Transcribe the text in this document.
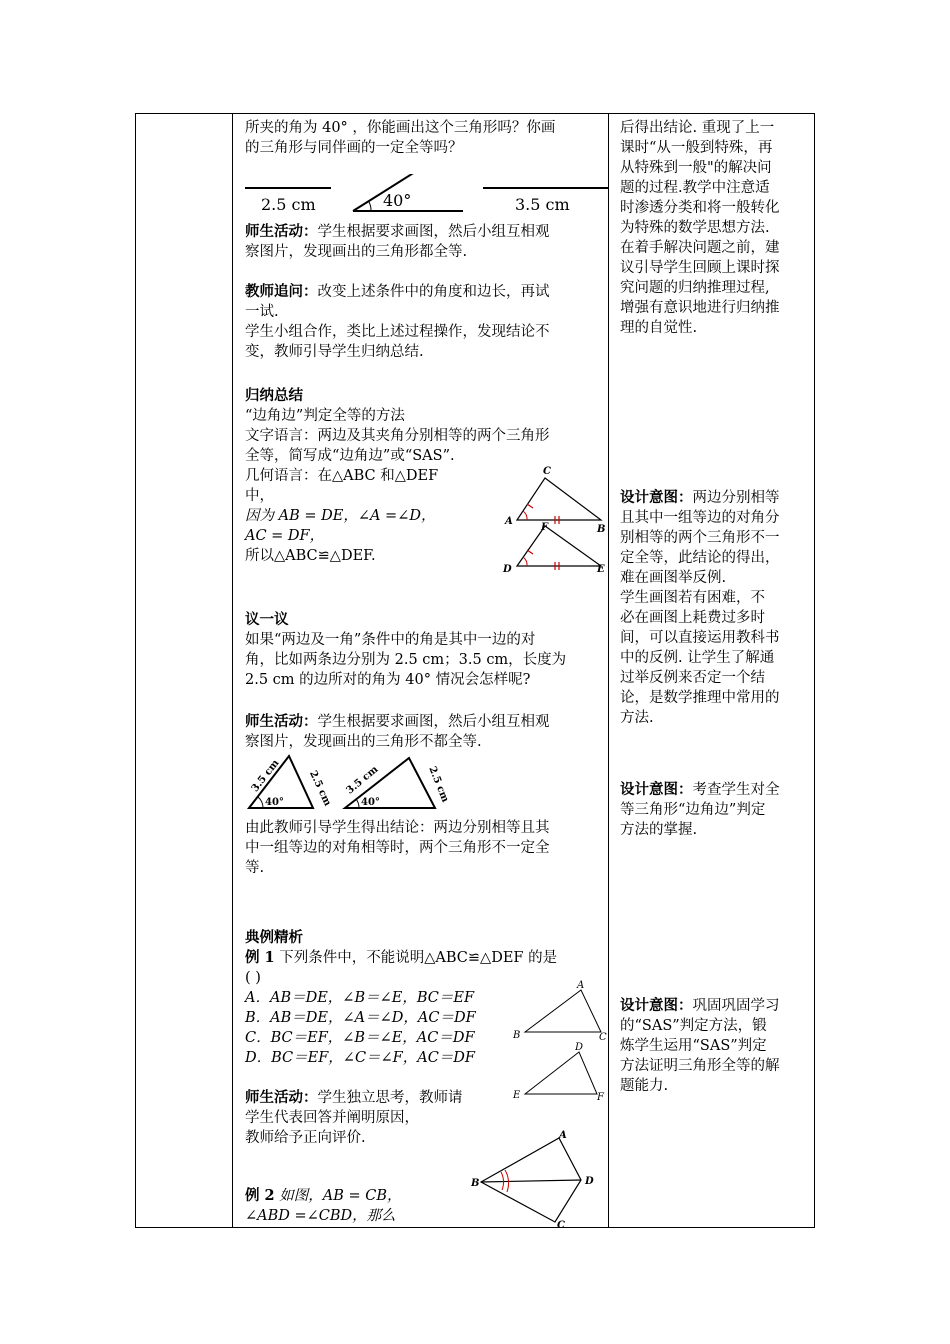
所夹的角为 40° ，你能画出这个三角形吗？你画

的三角形与同伴画的一定全等吗？

2.5 cm	40°	3.5 cm

师生活动：学生根据要求画图，然后小组互相观

察图片，发现画出的三角形都全等.

教师追问：改变上述条件中的角度和边长，再试

一试.

学生小组合作，类比上述过程操作，发现结论不

变，教师引导学生归纳总结.

归纳总结

“边角边”判定全等的方法

文字语言：两边及其夹角分别相等的两个三角形

全等，简写成“边角边”或“SAS”.

几何语言：在△ABC 和△DEF

中，

因为 AB = DE，∠A =∠D，

AC = DF，

所以△ABC≌△DEF.

C
A
B
F
D	E

议一议

如果“两边及一角”条件中的角是其中一边的对

角，比如两条边分别为 2.5 cm；3.5 cm，长度为

2.5 cm 的边所对的角为 40° 情况会怎样呢?

师生活动：学生根据要求画图，然后小组互相观

察图片，发现画出的三角形不都全等.

3.5 cm	2.5 cm
40°
3.5 cm	2.5 cm
40°

由此教师引导学生得出结论：两边分别相等且其

中一组等边的对角相等时，两个三角形不一定全

等.

典例精析

例 1 下列条件中，不能说明△ABC≌△DEF 的是

( )

A．AB＝DE，∠B＝∠E，BC＝EF

B．AB＝DE，∠A＝∠D，AC＝DF

C．BC＝EF，∠B＝∠E，AC＝DF

D．BC＝EF，∠C＝∠F，AC＝DF

A
B	C
D
E	F

师生活动：学生独立思考，教师请

学生代表回答并阐明原因，

教师给予正向评价.

例 2 如图，AB = CB，

∠ABD =∠CBD，那么

A
B	D
C

后得出结论. 重现了上一

课时“从一般到特殊，再

从特殊到一般"的解决问

题的过程.教学中注意适

时渗透分类和将一般转化

为特殊的数学思想方法.

在着手解决问题之前，建

议引导学生回顾上课时探

究问题的归纳推理过程,

增强有意识地进行归纳推

理的自觉性.

设计意图：两边分别相等

且其中一组等边的对角分

别相等的两个三角形不一

定全等，此结论的得出，

难在画图举反例.

学生画图若有困难，不

必在画图上耗费过多时

间，可以直接运用教科书

中的反例. 让学生了解通

过举反例来否定一个结

论，是数学推理中常用的

方法.

设计意图：考查学生对全

等三角形“边角边”判定

方法的掌握.

设计意图：巩固巩固学习

的“SAS”判定方法，锻

炼学生运用“SAS”判定

方法证明三角形全等的解

题能力.
